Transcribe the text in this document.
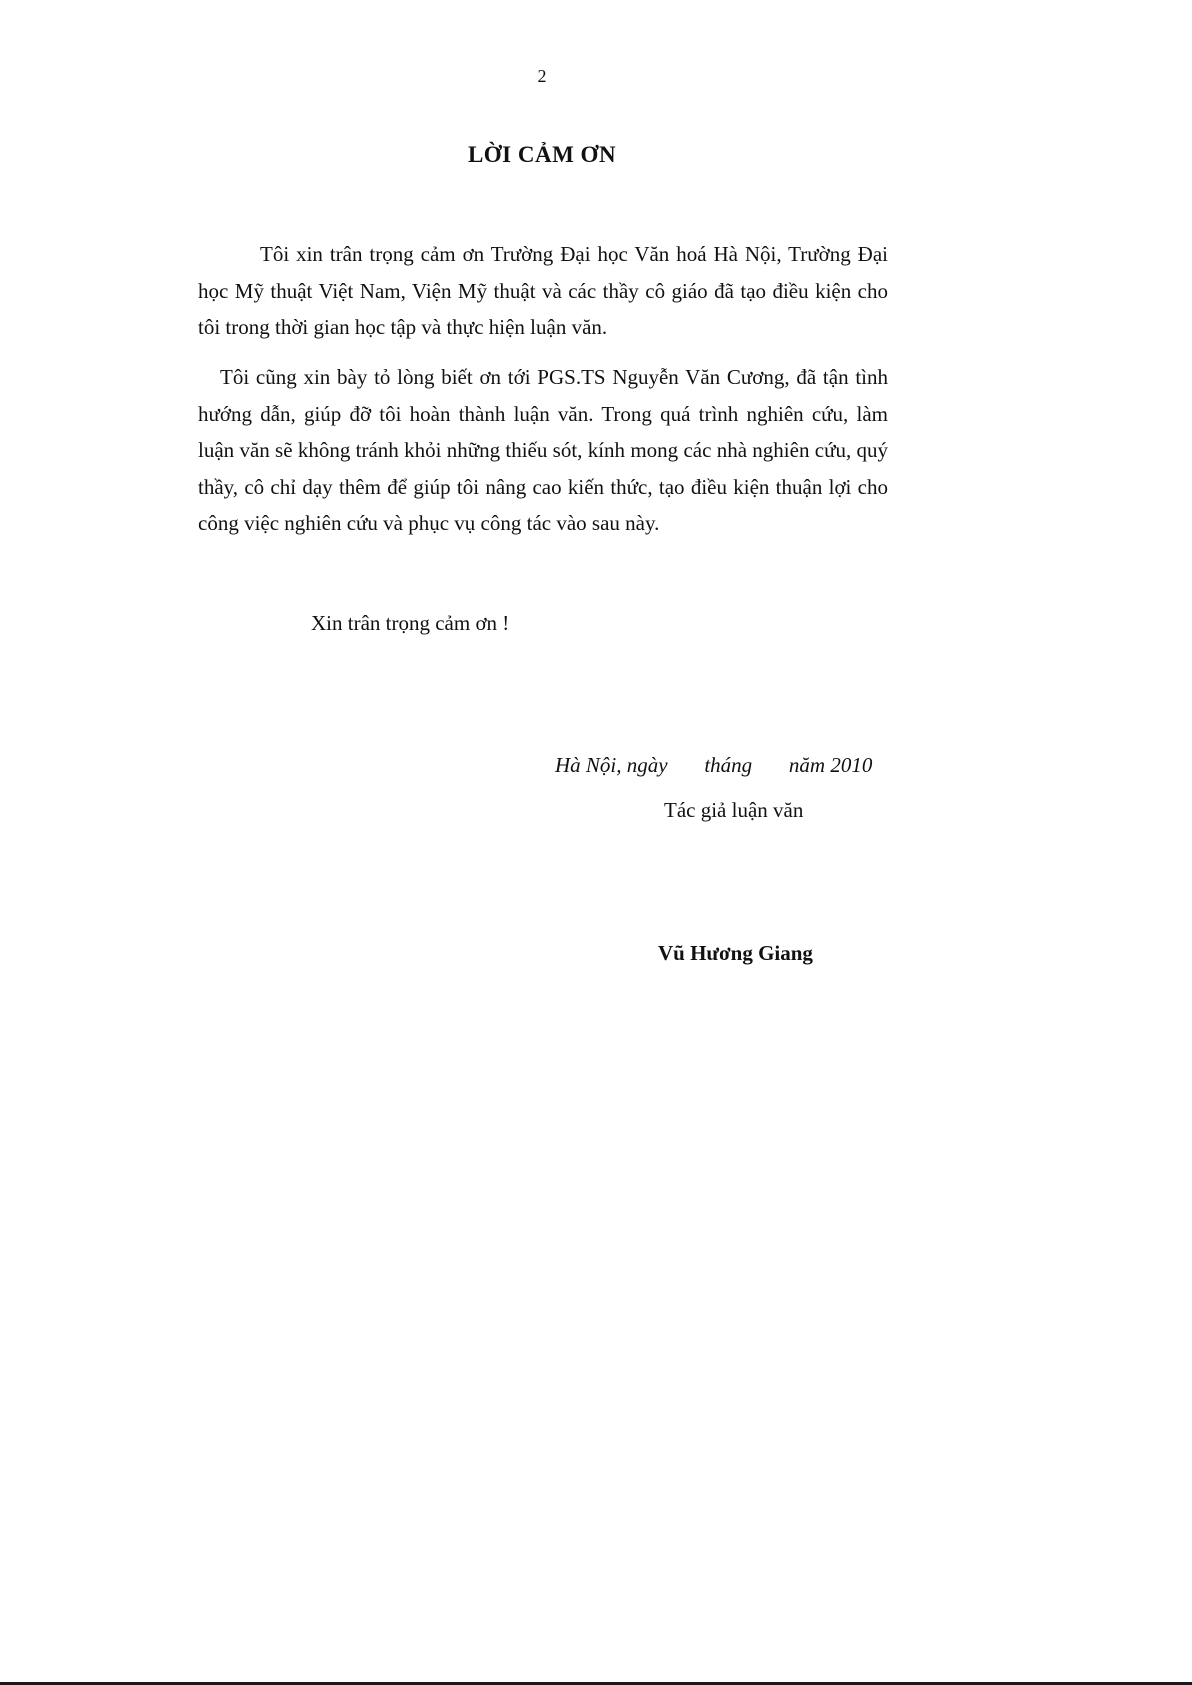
2
LỜI CẢM ƠN

Tôi xin trân trọng cảm ơn Trường Đại học Văn hoá Hà Nội, Trường Đại học Mỹ thuật Việt Nam, Viện Mỹ thuật và các thầy cô giáo đã tạo điều kiện cho tôi trong thời gian học tập và thực hiện luận văn.

Tôi cũng xin bày tỏ lòng biết ơn tới PGS.TS Nguyễn Văn Cương, đã tận tình hướng dẫn, giúp đỡ tôi hoàn thành luận văn. Trong quá trình nghiên cứu, làm luận văn sẽ không tránh khỏi những thiếu sót, kính mong các nhà nghiên cứu, quý thầy, cô chỉ dạy thêm để giúp tôi nâng cao kiến thức, tạo điều kiện thuận lợi cho công việc nghiên cứu và phục vụ công tác vào sau này.

Xin trân trọng cảm ơn !
Hà Nội, ngày       tháng       năm 2010
Tác giả luận văn
Vũ Hương Giang
